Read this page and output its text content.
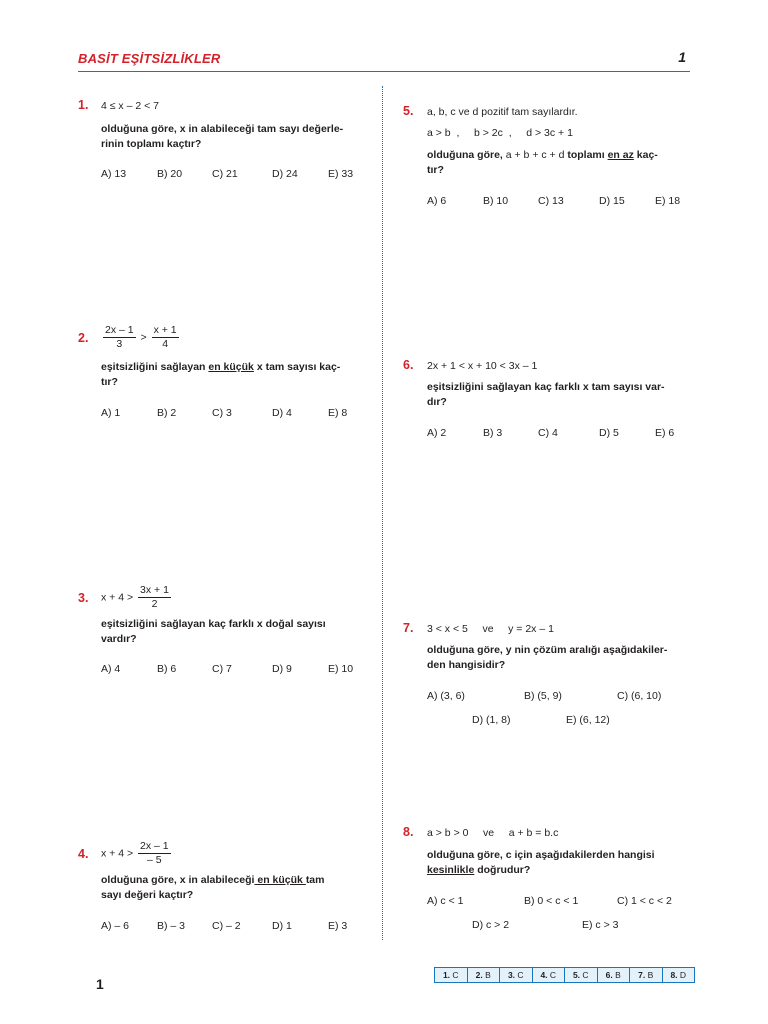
BASİT EŞİTSİZLİKLER	1
1.	4 ≤ x – 2 < 7
olduğuna göre, x in alabileceği tam sayı değerle-
rinin toplamı kaçtır?
A) 13	B) 20	C) 21	D) 24	E) 33
2.	$\frac{2x - 1}{3} > \frac{x + 1}{4}$
eşitsizliğini sağlayan en küçük x tam sayısı kaç-
tır?
A) 1	B) 2	C) 3	D) 4	E) 8
3.	$x + 4 > \frac{3x + 1}{2}$
eşitsizliğini sağlayan kaç farklı x doğal sayısı
vardır?
A) 4	B) 6	C) 7	D) 9	E) 10
4.	$x + 4 > \frac{2x - 1}{- 5}$
olduğuna göre, x in alabileceği en küçük tam
sayı değeri kaçtır?
A) – 6	B) – 3	C) – 2	D) 1	E) 3
5.	a, b, c ve d pozitif tam sayılardır.
a > b  ,     b > 2c  ,     d > 3c + 1
olduğuna göre, a + b + c + d toplamı en az kaç-
tır?
A) 6	B) 10	C) 13	D) 15	E) 18
6.	2x + 1 < x + 10 < 3x – 1
eşitsizliğini sağlayan kaç farklı x tam sayısı var-
dır?
A) 2	B) 3	C) 4	D) 5	E) 6
7.	3 < x < 5     ve     y = 2x – 1
olduğuna göre, y nin çözüm aralığı aşağıdakiler-
den hangisidir?
A) (3, 6)	B) (5, 9)	C) (6, 10)
D) (1, 8)	E) (6, 12)
8.	a > b > 0     ve     a + b = b.c
olduğuna göre, c için aşağıdakilerden hangisi
kesinlikle doğrudur?
A) c < 1	B) 0 < c < 1	C) 1 < c < 2
D) c > 2	E) c > 3
1
1. C	2. B	3. C	4. C	5. C	6. B	7. B	8. D
